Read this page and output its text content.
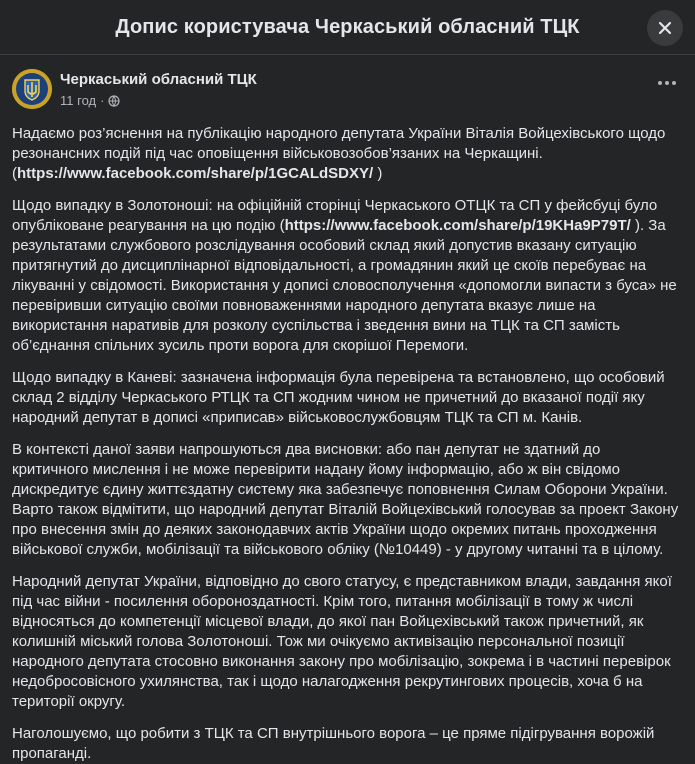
Допис користувача Черкаський обласний ТЦК
Черкаський обласний ТЦК
11 год ·

Надаємо роз’яснення на публікацію народного депутата України Віталія Войцехівського щодо резонансних подій під час оповіщення військовозобов’язаних на Черкащині. (https://www.facebook.com/share/p/1GCALdSDXY/ )

Щодо випадку в Золотоноші: на офіційній сторінці Черкаського ОТЦК та СП у фейсбуці було опубліковане реагування на цю подію (https://www.facebook.com/share/p/19KHa9P79T/ ). За результатами службового розслідування особовий склад який допустив вказану ситуацію притягнутий до дисциплінарної відповідальності, а громадянин який це скоїв перебуває на лікуванні у свідомості. Використання у дописі словосполучення «допомогли випасти з буса» не перевіривши ситуацію своїми повноваженнями народного депутата вказує лише на використання наративів для розколу суспільства і зведення вини на ТЦК та СП замість об’єднання спільних зусиль проти ворога для скорішої Перемоги.

Щодо випадку в Каневі: зазначена інформація була перевірена та встановлено, що особовий склад 2 відділу Черкаського РТЦК та СП жодним чином не причетний до вказаної події яку народний депутат в дописі «приписав» військовослужбовцям ТЦК та СП м. Канів.

В контексті даної заяви напрошуються два висновки: або пан депутат не здатний до критичного мислення і не може перевірити надану йому інформацію, або ж він свідомо дискредитує єдину життєздатну систему яка забезпечує поповнення Силам Оборони України.
Варто також відмітити, що народний депутат Віталій Войцехівський голосував за проект Закону про внесення змін до деяких законодавчих актів України щодо окремих питань проходження військової служби, мобілізації та військового обліку (№10449) - у другому читанні та в цілому.

Народний депутат України, відповідно до свого статусу, є представником влади, завдання якої під час війни - посилення обороноздатності. Крім того, питання мобілізації в тому ж числі відносяться до компетенції місцевої влади, до якої пан Войцехівський також причетний, як колишній міський голова Золотоноші. Тож ми очікуємо активізацію персональної позиції народного депутата стосовно виконання закону про мобілізацію, зокрема і в частині перевірок недобросовісного ухилянства, так і щодо налагодження рекрутингових процесів, хоча б на території округу.

Наголошуємо, що робити з ТЦК та СП внутрішнього ворога – це пряме підігрування ворожій пропаганді.
